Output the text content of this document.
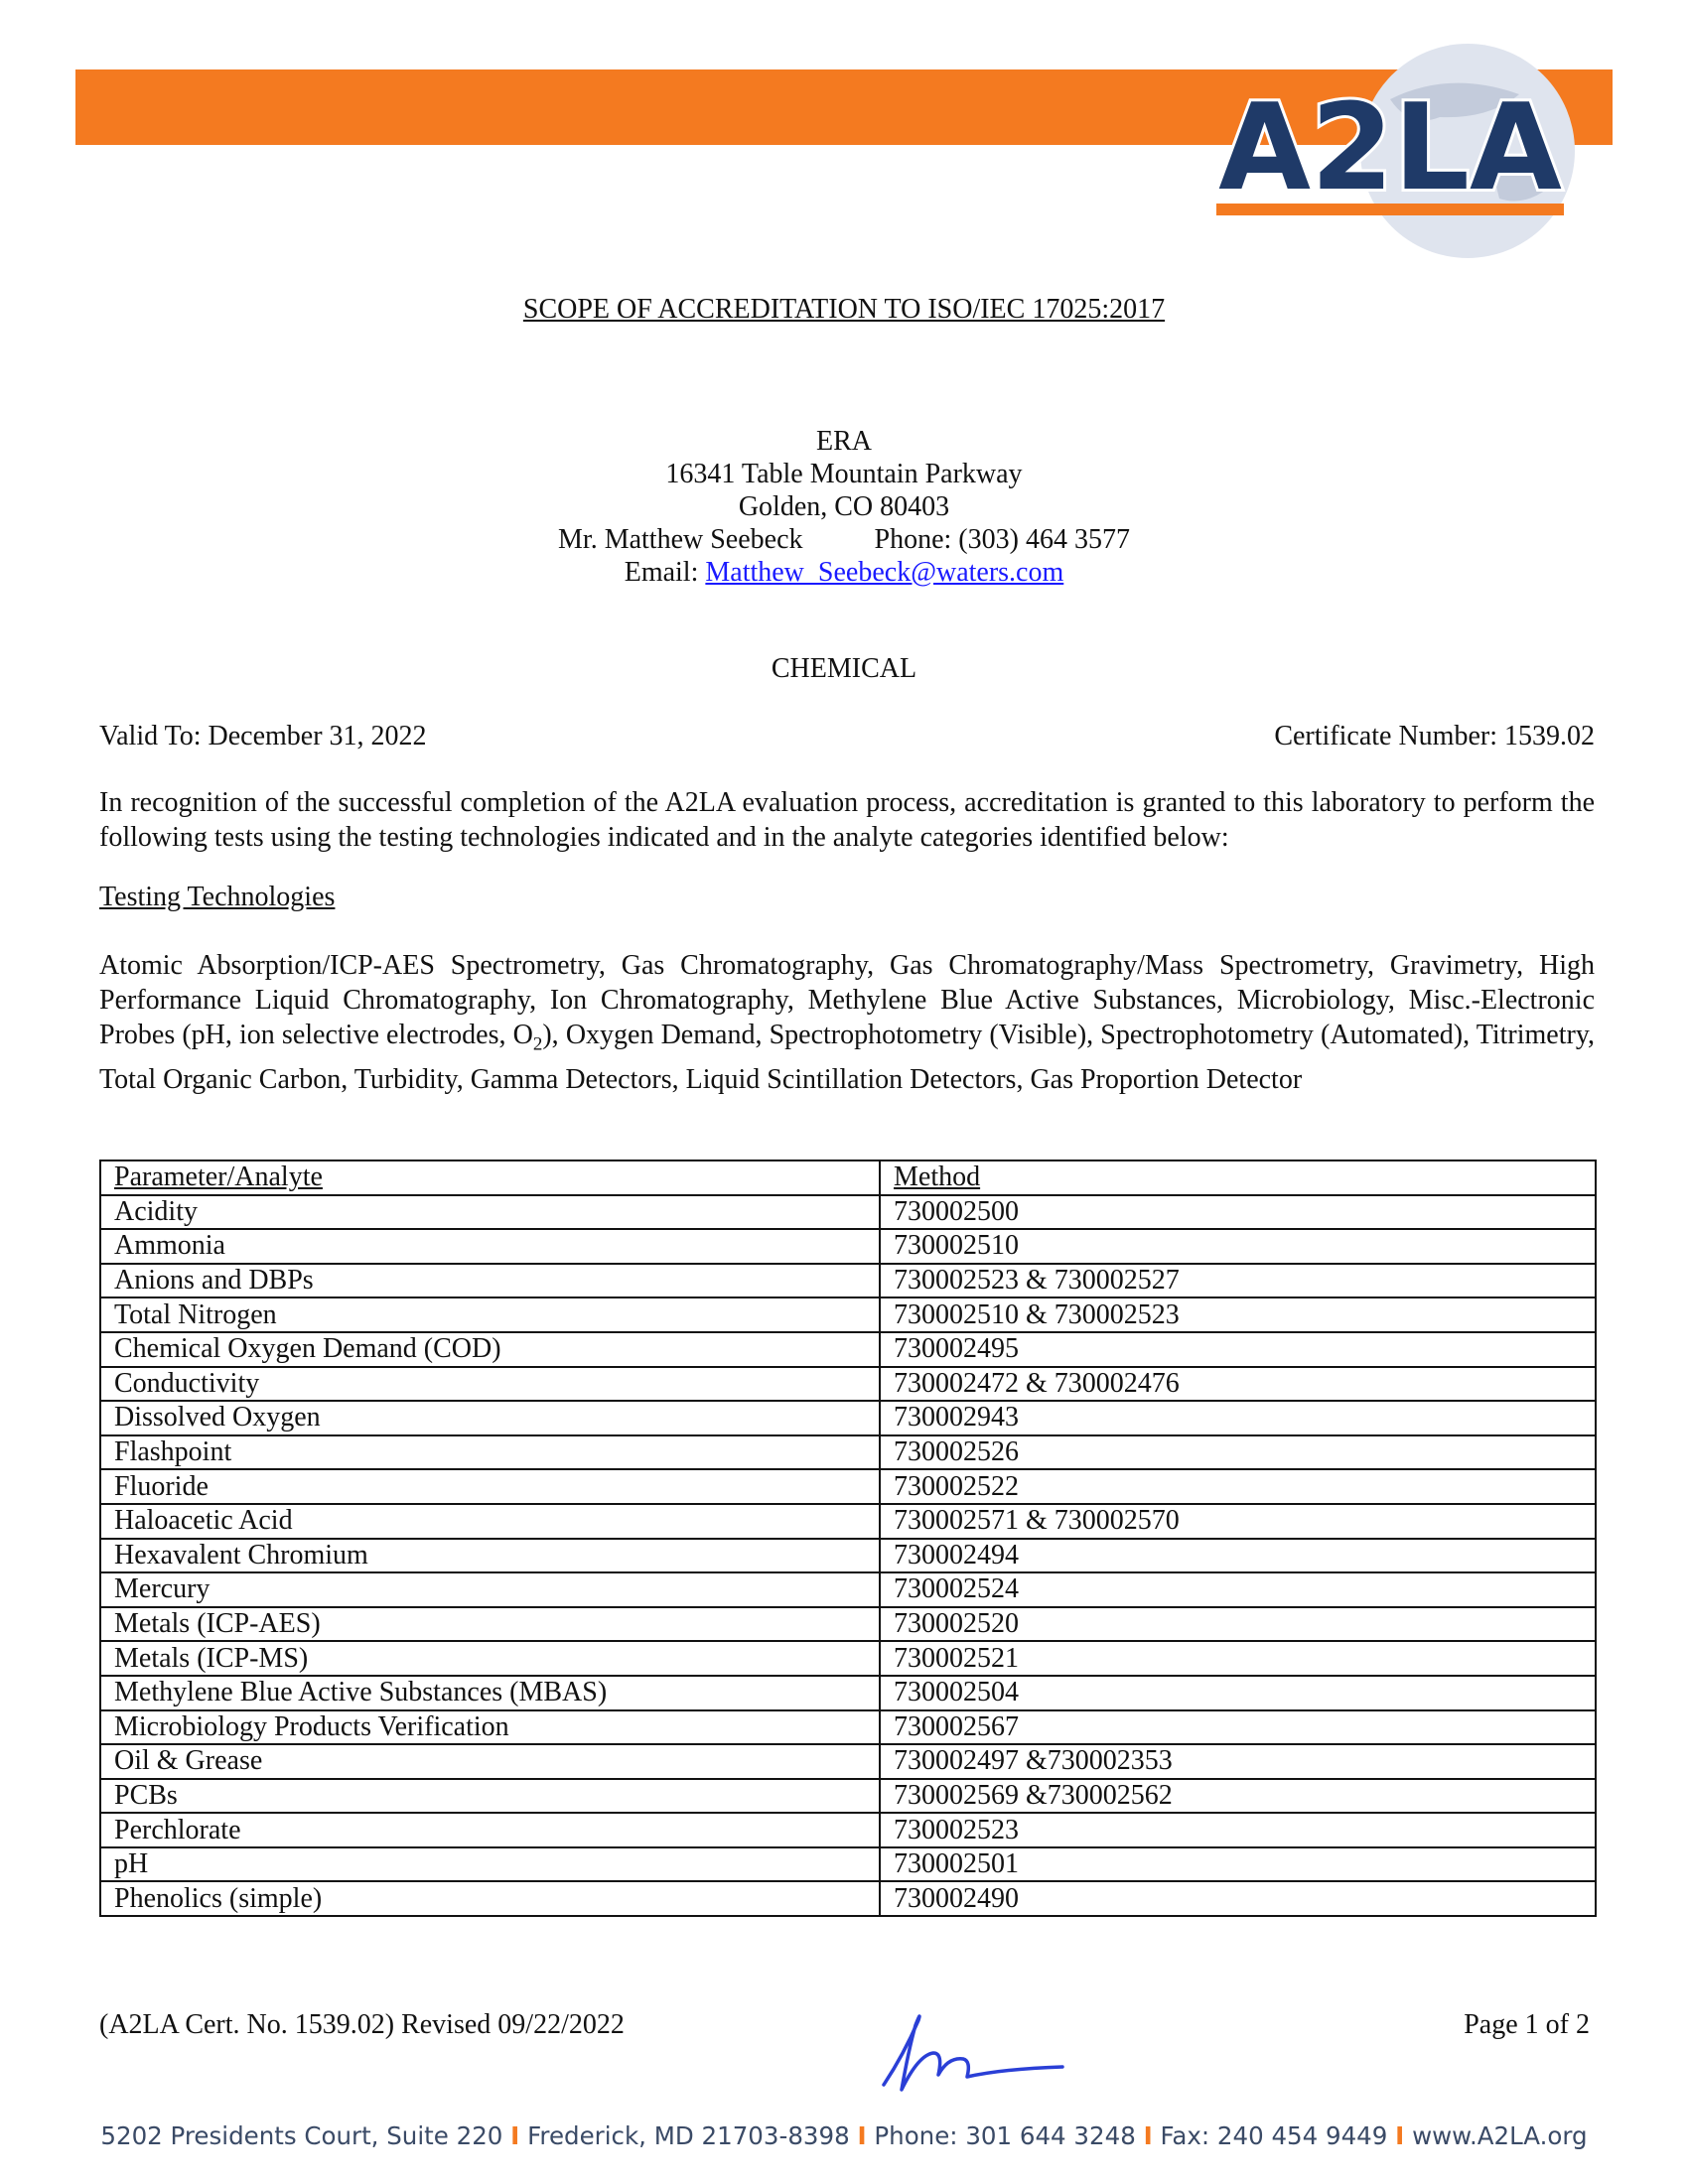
A2LA
SCOPE OF ACCREDITATION TO ISO/IEC 17025:2017
ERA
16341 Table Mountain Parkway
Golden, CO 80403
Mr. Matthew Seebeck	Phone: (303) 464 3577
Email: Matthew_Seebeck@waters.com
CHEMICAL
Valid To: December 31, 2022	Certificate Number: 1539.02
In recognition of the successful completion of the A2LA evaluation process, accreditation is granted to this laboratory to perform the following tests using the testing technologies indicated and in the analyte categories identified below:
Testing Technologies
Atomic Absorption/ICP-AES Spectrometry, Gas Chromatography, Gas Chromatography/Mass Spectrometry, Gravimetry, High Performance Liquid Chromatography, Ion Chromatography, Methylene Blue Active Substances, Microbiology, Misc.-Electronic Probes (pH, ion selective electrodes, $O_2$), Oxygen Demand, Spectrophotometry (Visible), Spectrophotometry (Automated), Titrimetry, Total Organic Carbon, Turbidity, Gamma Detectors, Liquid Scintillation Detectors, Gas Proportion Detector
Parameter/Analyte	Method
Acidity	730002500
Ammonia	730002510
Anions and DBPs	730002523 & 730002527
Total Nitrogen	730002510 & 730002523
Chemical Oxygen Demand (COD)	730002495
Conductivity	730002472 & 730002476
Dissolved Oxygen	730002943
Flashpoint	730002526
Fluoride	730002522
Haloacetic Acid	730002571 & 730002570
Hexavalent Chromium	730002494
Mercury	730002524
Metals (ICP-AES)	730002520
Metals (ICP-MS)	730002521
Methylene Blue Active Substances (MBAS)	730002504
Microbiology Products Verification	730002567
Oil & Grease	730002497 &730002353
PCBs	730002569 &730002562
Perchlorate	730002523
pH	730002501
Phenolics (simple)	730002490
(A2LA Cert. No. 1539.02) Revised 09/22/2022	Page 1 of 2
5202 Presidents Court, Suite 220 I Frederick, MD 21703-8398 I Phone: 301 644 3248 I Fax: 240 454 9449 I www.A2LA.org
